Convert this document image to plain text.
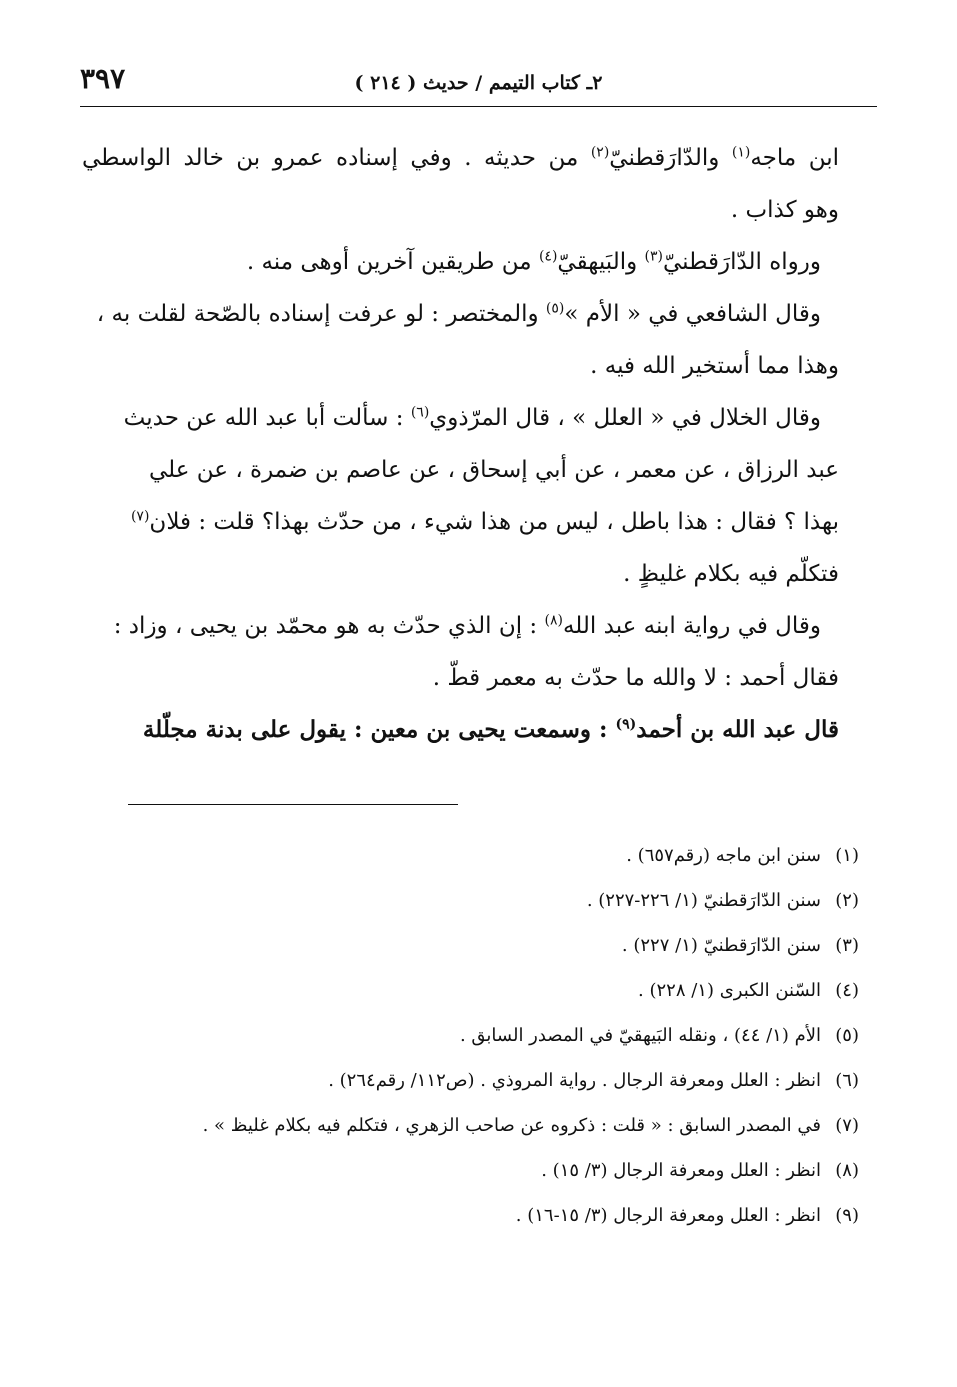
٣٩٧	٢ـ كتاب التيمم / حديث ( ٢١٤ )
ابن ماجه$^{(١)}$ والدّارَقطنيّ$^{(٢)}$ من حديثه . وفي إسناده عمرو بن خالد الواسطي
وهو كذاب .
ورواه الدّارَقطنيّ$^{(٣)}$ والبَيهقيّ$^{(٤)}$ من طريقين آخرين أوهى منه .
وقال الشافعي في « الأم »$^{(٥)}$ والمختصر : لو عرفت إسناده بالصّحة لقلت به ،
وهذا مما أستخير الله فيه .
وقال الخلال في « العلل » ، قال المرّذوي$^{(٦)}$ : سألت أبا عبد الله عن حديث
عبد الرزاق ، عن معمر ، عن أبي إسحاق ، عن عاصم بن ضمرة ، عن علي
بهذا ؟ فقال : هذا باطل ، ليس من هذا شيء ، من حدّث بهذا؟ قلت : فلان$^{(٧)}$
فتكلّم فيه بكلام غليظٍ .
وقال في رواية ابنه عبد الله$^{(٨)}$ : إن الذي حدّث به هو محمّد بن يحيى ، وزاد :
فقال أحمد : لا والله ما حدّث به معمر قطّ .
قال عبد الله بن أحمد$^{(٩)}$ : وسمعت يحيى بن معين : يقول على بدنة مجلّلة
(١)سنن ابن ماجه (رقم٦٥٧) .
(٢)سنن الدّارَقطنيّ (١/ ٢٢٦-٢٢٧) .
(٣)سنن الدّارَقطنيّ (١/ ٢٢٧) .
(٤)السّنن الكبرى (١/ ٢٢٨) .
(٥)الأم (١/ ٤٤) ، ونقله البَيهقيّ في المصدر السابق .
(٦)انظر : العلل ومعرفة الرجال . رواية المروذي . (ص١١٢/ رقم٢٦٤) .
(٧)في المصدر السابق : « قلت : ذكروه عن صاحب الزهري ، فتكلم فيه بكلام غليظ » .
(٨)انظر : العلل ومعرفة الرجال (٣/ ١٥) .
(٩)انظر : العلل ومعرفة الرجال (٣/ ١٥-١٦) .
